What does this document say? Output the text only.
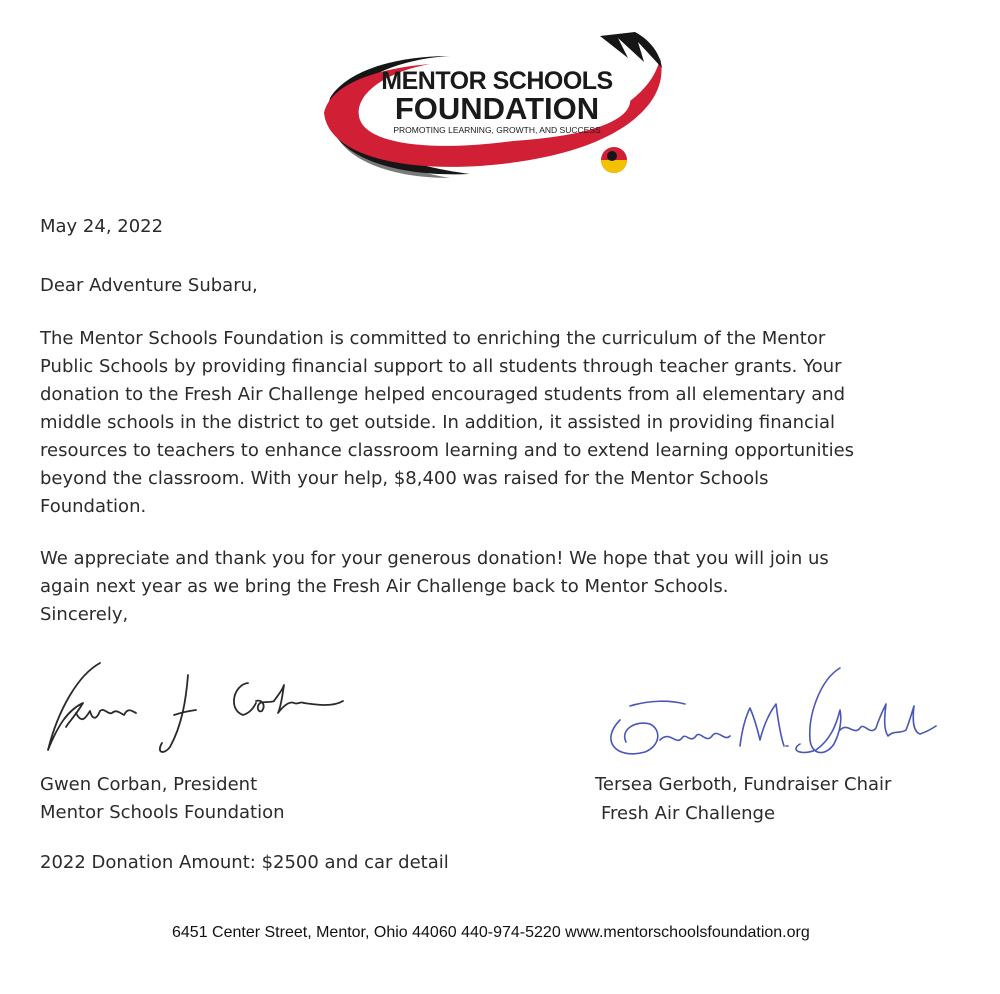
MENTOR SCHOOLS
FOUNDATION
PROMOTING LEARNING, GROWTH, AND SUCCESS
May 24, 2022
Dear Adventure Subaru,
The Mentor Schools Foundation is committed to enriching the curriculum of the Mentor
Public Schools by providing financial support to all students through teacher grants. Your
donation to the Fresh Air Challenge helped encouraged students from all elementary and
middle schools in the district to get outside. In addition, it assisted in providing financial
resources to teachers to enhance classroom learning and to extend learning opportunities
beyond the classroom. With your help, $8,400 was raised for the Mentor Schools
Foundation.
We appreciate and thank you for your generous donation! We hope that you will join us
again next year as we bring the Fresh Air Challenge back to Mentor Schools.
Sincerely,
Gwen Corban, President
Mentor Schools Foundation
Tersea Gerboth, Fundraiser Chair
Fresh Air Challenge
2022 Donation Amount: $2500 and car detail
6451 Center Street, Mentor, Ohio 44060 440-974-5220 www.mentorschoolsfoundation.org
